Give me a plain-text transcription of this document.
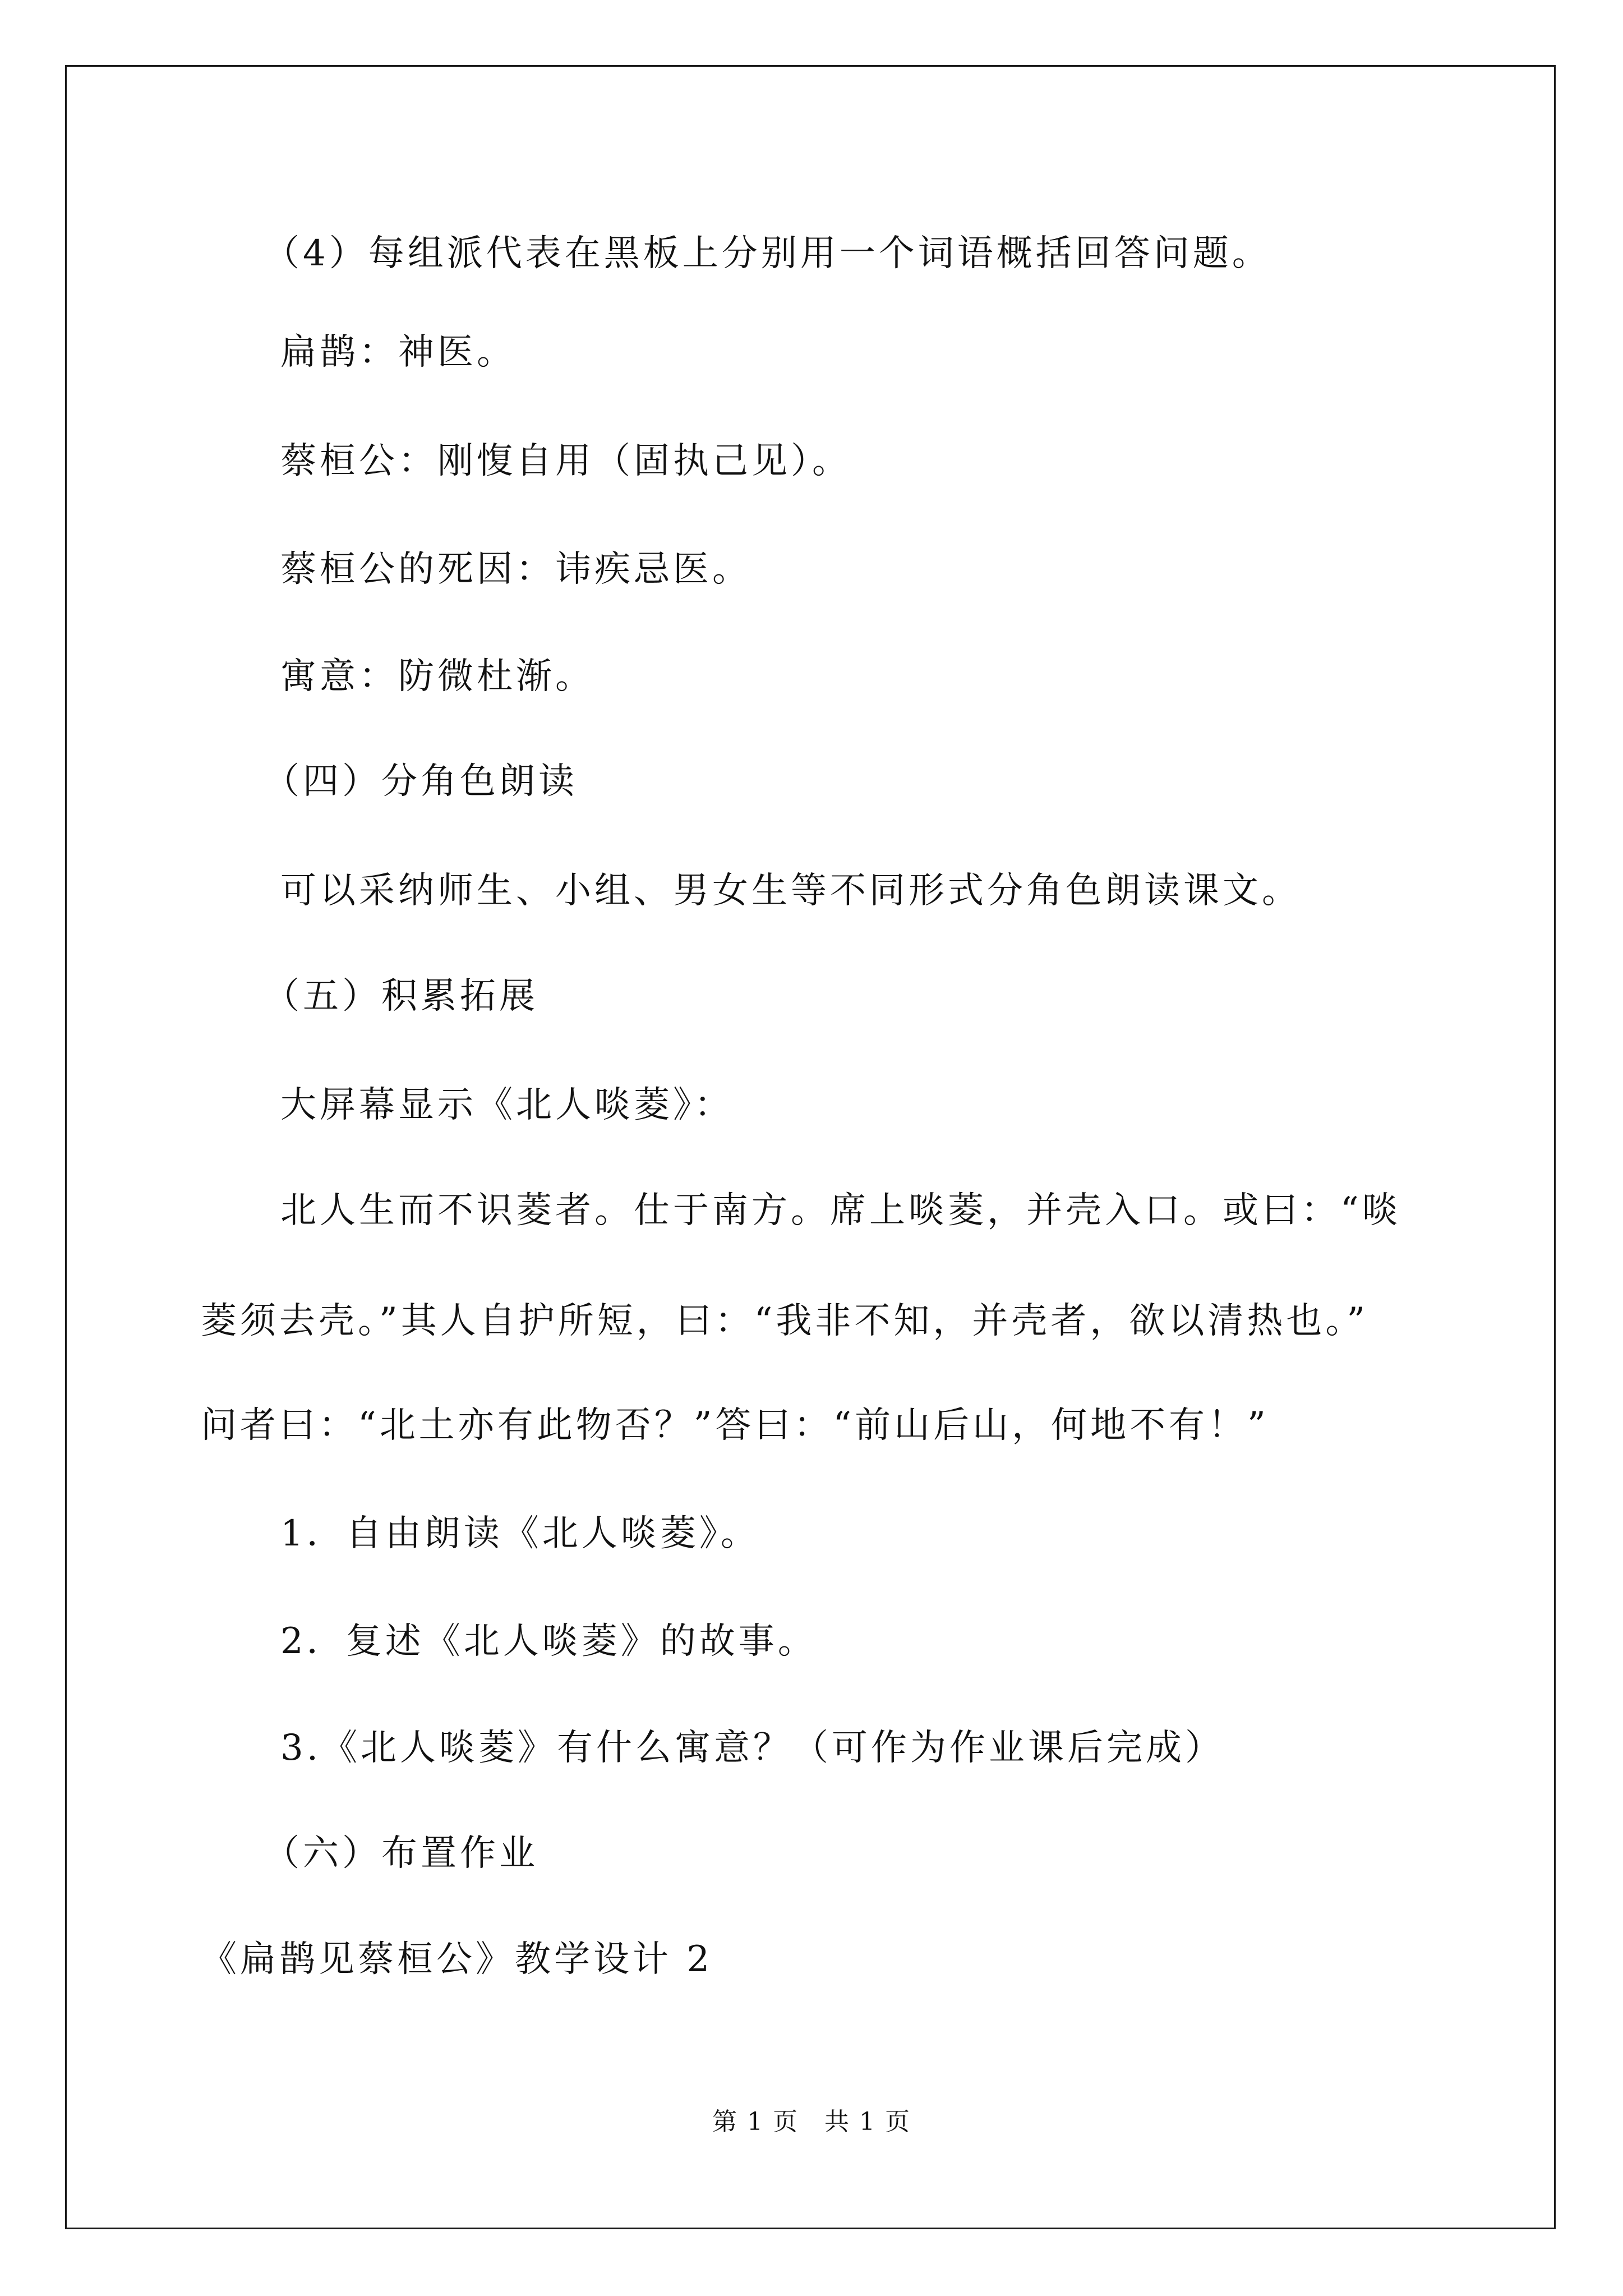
（4）每组派代表在黑板上分别用一个词语概括回答问题。
扁鹊：神医。
蔡桓公：刚愎自用（固执己见）。
蔡桓公的死因：讳疾忌医。
寓意：防微杜渐。
（四）分角色朗读
可以采纳师生、小组、男女生等不同形式分角色朗读课文。
（五）积累拓展
大屏幕显示《北人啖菱》：
北人生而不识菱者。仕于南方。席上啖菱，并壳入口。或曰：“啖
菱须去壳。”其人自护所短，曰：“我非不知，并壳者，欲以清热也。”
问者曰：“北土亦有此物否？”答曰：“前山后山，何地不有！”
1．自由朗读《北人啖菱》。
2．复述《北人啖菱》的故事。
3.《北人啖菱》有什么寓意？（可作为作业课后完成）
（六）布置作业
《扁鹊见蔡桓公》教学设计 2
第 1 页　共 1 页
